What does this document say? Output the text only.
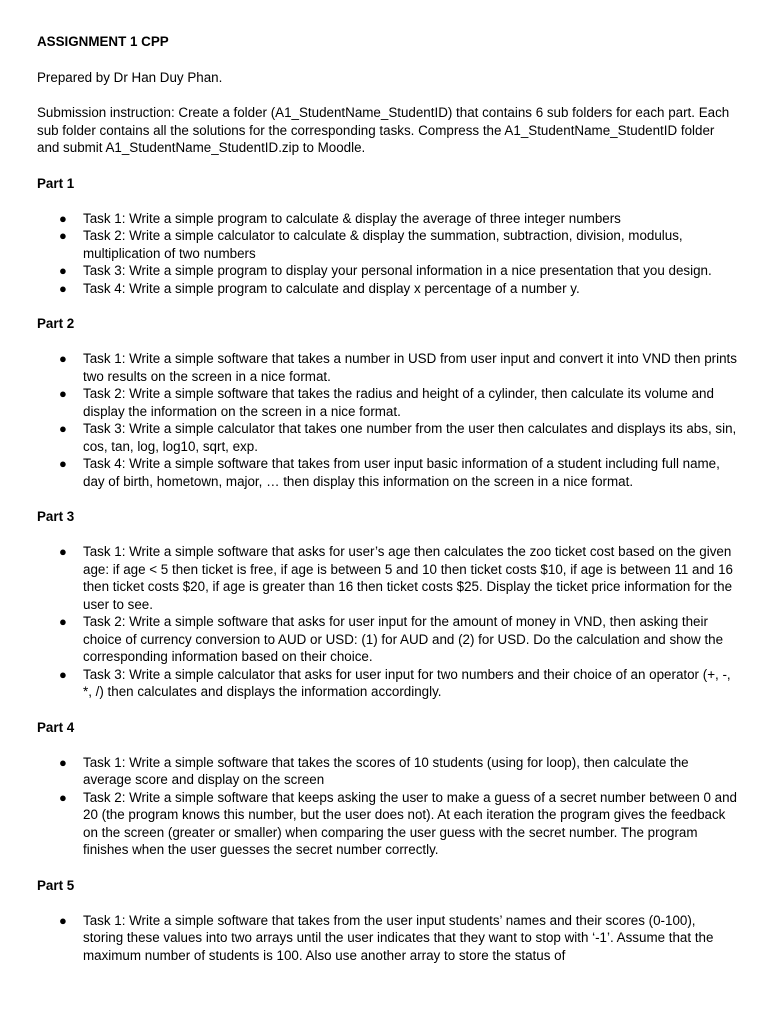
ASSIGNMENT 1 CPP

Prepared by Dr Han Duy Phan.

Submission instruction: Create a folder (A1_StudentName_StudentID) that contains 6 sub folders for each part. Each sub folder contains all the solutions for the corresponding tasks. Compress the A1_StudentName_StudentID folder and submit A1_StudentName_StudentID.zip to Moodle.

Part 1

● Task 1: Write a simple program to calculate & display the average of three integer numbers
● Task 2: Write a simple calculator to calculate & display the summation, subtraction, division, modulus, multiplication of two numbers
● Task 3: Write a simple program to display your personal information in a nice presentation that you design.
● Task 4: Write a simple program to calculate and display x percentage of a number y.

Part 2

● Task 1: Write a simple software that takes a number in USD from user input and convert it into VND then prints two results on the screen in a nice format.
● Task 2: Write a simple software that takes the radius and height of a cylinder, then calculate its volume and display the information on the screen in a nice format.
● Task 3: Write a simple calculator that takes one number from the user then calculates and displays its abs, sin, cos, tan, log, log10, sqrt, exp.
● Task 4: Write a simple software that takes from user input basic information of a student including full name, day of birth, hometown, major, … then display this information on the screen in a nice format.

Part 3

● Task 1: Write a simple software that asks for user’s age then calculates the zoo ticket cost based on the given age: if age < 5 then ticket is free, if age is between 5 and 10 then ticket costs $10, if age is between 11 and 16 then ticket costs $20, if age is greater than 16 then ticket costs $25. Display the ticket price information for the user to see.
● Task 2: Write a simple software that asks for user input for the amount of money in VND, then asking their choice of currency conversion to AUD or USD: (1) for AUD and (2) for USD. Do the calculation and show the corresponding information based on their choice.
● Task 3: Write a simple calculator that asks for user input for two numbers and their choice of an operator (+, -, *, /) then calculates and displays the information accordingly.

Part 4

● Task 1: Write a simple software that takes the scores of 10 students (using for loop), then calculate the average score and display on the screen
● Task 2: Write a simple software that keeps asking the user to make a guess of a secret number between 0 and 20 (the program knows this number, but the user does not). At each iteration the program gives the feedback on the screen (greater or smaller) when comparing the user guess with the secret number. The program finishes when the user guesses the secret number correctly.

Part 5

● Task 1: Write a simple software that takes from the user input students’ names and their scores (0-100), storing these values into two arrays until the user indicates that they want to stop with ‘-1’. Assume that the maximum number of students is 100. Also use another array to store the status of
